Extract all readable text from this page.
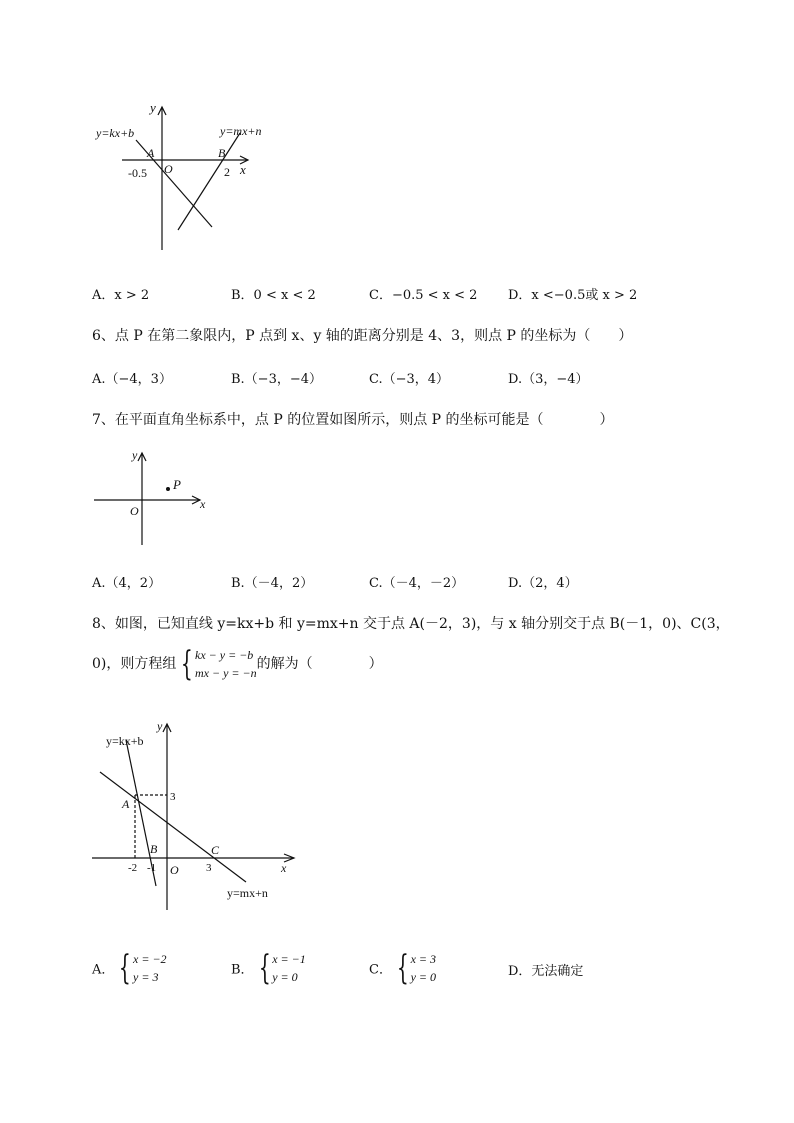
y=kx+b	y=mx+n
y
x
O
A	B
-0.5	2
A．x > 2	B．0 < x < 2	C．−0.5 < x < 2 D．x <−0.5或 x > 2
6、点 P 在第二象限内，P 点到 x、y 轴的距离分别是 4、3，则点 P 的坐标为（　　）
A.（−4，3）	B.（−3，−4）	C.（−3，4）	D.（3，−4）
7、在平面直角坐标系中，点 P 的位置如图所示，则点 P 的坐标可能是（　　　　）
y
x
O
P
A.（4，2）	B.（－4，2）	C.（－4，－2）	D.（2，4）
8、如图，已知直线 y=kx+b 和 y=mx+n 交于点 A(－2，3)，与 x 轴分别交于点 B(－1，0)、C(3，
0)，则方程组 { kx − y = −b
mx − y = −n
的解为（　　　　）
y=kx+b
y=mx+n
y
x
O
A
B	C
3
-2 -1	3
A． { x = −2
y = 3	B． { x = −1
y = 0	C． { x = 3
y = 0	D．无法确定
